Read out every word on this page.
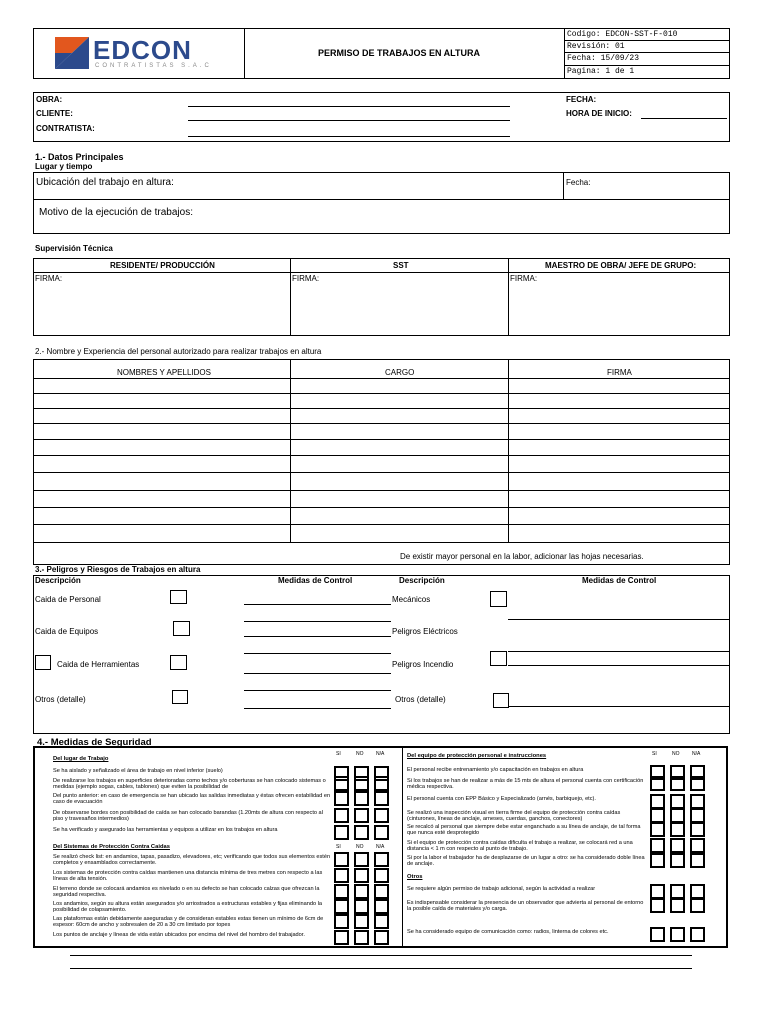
EDCON
CONTRATISTAS S.A.C
PERMISO DE TRABAJOS EN ALTURA
Codigo: EDCON-SST-F-010
Revisión: 01
Fecha: 15/09/23
Pagina: 1 de 1
OBRA:
CLIENTE:
CONTRATISTA:
FECHA:
HORA DE INICIO:
1.- Datos Principales
Lugar y tiempo
Ubicación del trabajo en altura:	Fecha:
Motivo de la ejecución de trabajos:
Supervisión Técnica
RESIDENTE/ PRODUCCIÓN	SST	MAESTRO DE OBRA/ JEFE DE GRUPO:
FIRMA:	FIRMA:	FIRMA:
2.- Nombre y Experiencia del personal autorizado para realizar trabajos en altura
NOMBRES Y APELLIDOS	CARGO	FIRMA
De existir mayor personal en la labor, adicionar las hojas necesarias.
3.- Peligros y Riesgos de Trabajos en altura
Descripción	Medidas de Control	Descripción	Medidas de Control
Caida de Personal
Caida de Equipos
Caida de Herramientas
Otros (detalle)
Mecánicos
Peligros Eléctricos
Peligros Incendio
Otros (detalle)
4.- Medidas de Seguridad
SI	NO	N/A
Del lugar de Trabajo
Se ha aislado y señalizado el área de trabajo en nivel inferior (suelo)
De realizarse los trabajos en superficies deterioradas como techos y/o coberturas se han colocado sistemas o medidas (ejemplo sogas, cables, tablones) que eviten la posibilidad de
Del punto anterior: en caso de emergencia se han ubicado las salidas inmediatas y éstas ofrecen estabilidad en caso de evacuación
De observarse bordes con posibilidad de caída se han colocado barandas (1.20mts de altura con respecto al piso y travesaños intermedios)
Se ha verificado y asegurado las herramientas y equipos a utilizar en los trabajos en altura
SI	NO	N/A
Del Sistemas de Protección Contra Caidas
Se realizó check list: en andamios, tapas, pasadizo, elevadores, etc; verificando que todos sus elementos estén completos y ensamblados correctamente.
Los sistemas de protección contra caídas mantienen una distancia mínima de tres metres con respecto a las líneas de alta tensión.
El terreno donde se colocará andamios es nivelado o en su defecto se han colocado calzas que ofrezcan la seguridad respectiva.
Los andamios, según su altura están asegurados y/o arriostrados a estructuras estables y fijas eliminando la posibilidad de colapsamiento.
Las plataformas están debidamente aseguradas y de consideran estables estas tienen un mínimo de 6cm de espesor: 60cm de ancho y sobresalen de 20 a 30 cm limitado por topes
Los puntos de anclaje y líneas de vida están ubicados por encima del nivel del hombro del trabajador.
SI	NO	N/A
Del equipo de protección personal e instrucciones
El personal recibe entrenamiento y/o capacitación en trabajos en altura
Si los trabajos se han de realizar a más de 15 mts de altura el personal cuenta con certificación médica respectiva.
El personal cuenta con EPP Básico y Especializado (arnés, barbiquejo, etc).
Se realizó una inspección visual en tierra firme del equipo de protección contra caídas (cinturones, líneas de anclaje, arneses, cuerdas, ganchos, conectores)
Se recalcó al personal que siempre debe estar enganchado a su línea de anclaje, de tal forma que nunca esté desprotegido
Si el equipo de protección contra caídas dificulta el trabajo a realizar, se colocará red a una distancia < 1 m con respecto al punto de trabajo.
Si por la labor el trabajador ha de desplazarse de un lugar a otro: se ha considerado doble línea de anclaje.
Otros
Se requiere algún permiso de trabajo adicional, según la actividad a realizar
Es indispensable considerar la presencia de un observador que advierta al personal de entorno la posible caída de materiales y/o carga.
Se ha considerado equipo de comunicación como: radios, linterna de colores etc.
